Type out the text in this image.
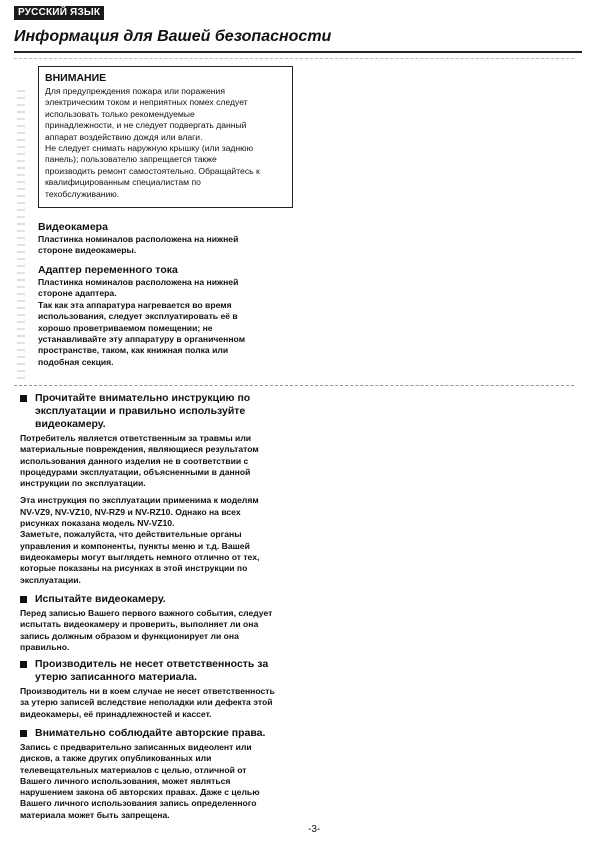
РУССКИЙ ЯЗЫК
Информация для Вашей безопасности

ВНИМАНИЕ

Для предупреждения пожара или поражения
электрическим током и неприятных помех следует
использовать только рекомендуемые
принадлежности, и не следует подвергать данный
аппарат воздействию дождя или влаги.
Не следует снимать наружную крышку (или заднюю
панель); пользователю запрещается также
производить ремонт самостоятельно. Обращайтесь к
квалифицированным специалистам по
техобслуживанию.

Видеокамера

Пластинка номиналов расположена на нижней
стороне видеокамеры.

Адаптер переменного тока

Пластинка номиналов расположена на нижней
стороне адаптера.
Так как эта аппаратура нагревается во время
использования, следует эксплуатировать её в
хорошо проветриваемом помещении; не
устанавливайте эту аппаратуру в органиченном
пространстве, таком, как книжная полка или
подобная секция.

Прочитайте внимательно инструкцию по
эксплуатации и правильно используйте
видеокамеру.

Потребитель является ответственным за травмы или
материальные повреждения, являющиеся результатом
использования данного изделия не в соответствии с
процедурами эксплуатации, объясненными в данной
инструкции по эксплуатации.

Эта инструкция по эксплуатации применима к моделям
NV-VZ9, NV-VZ10, NV-RZ9 и NV-RZ10. Однако на всех
рисунках показана модель NV-VZ10.
Заметьте, пожалуйста, что действительные органы
управления и компоненты, пункты меню и т.д. Вашей
видеокамеры могут выглядеть немного отлично от тех,
которые показаны на рисунках в этой инструкции по
эксплуатации.

Испытайте видеокамеру.

Перед записью Вашего первого важного события, следует
испытать видеокамеру и проверить, выполняет ли она
запись должным образом и функционирует ли она
правильно.

Производитель не несет ответственность за
утерю записанного материала.

Производитель ни в коем случае не несет ответственность
за утерю записей вследствие неполадки или дефекта этой
видеокамеры, её принадлежностей и кассет.

Внимательно соблюдайте авторские права.

Запись с предварительно записанных видеолент или
дисков, а также других опубликованных или
телевещательных материалов с целью, отличной от
Вашего личного использования, может являться
нарушением закона об авторских правах. Даже с целью
Вашего личного использования запись определенного
материала может быть запрещена.

-3-
